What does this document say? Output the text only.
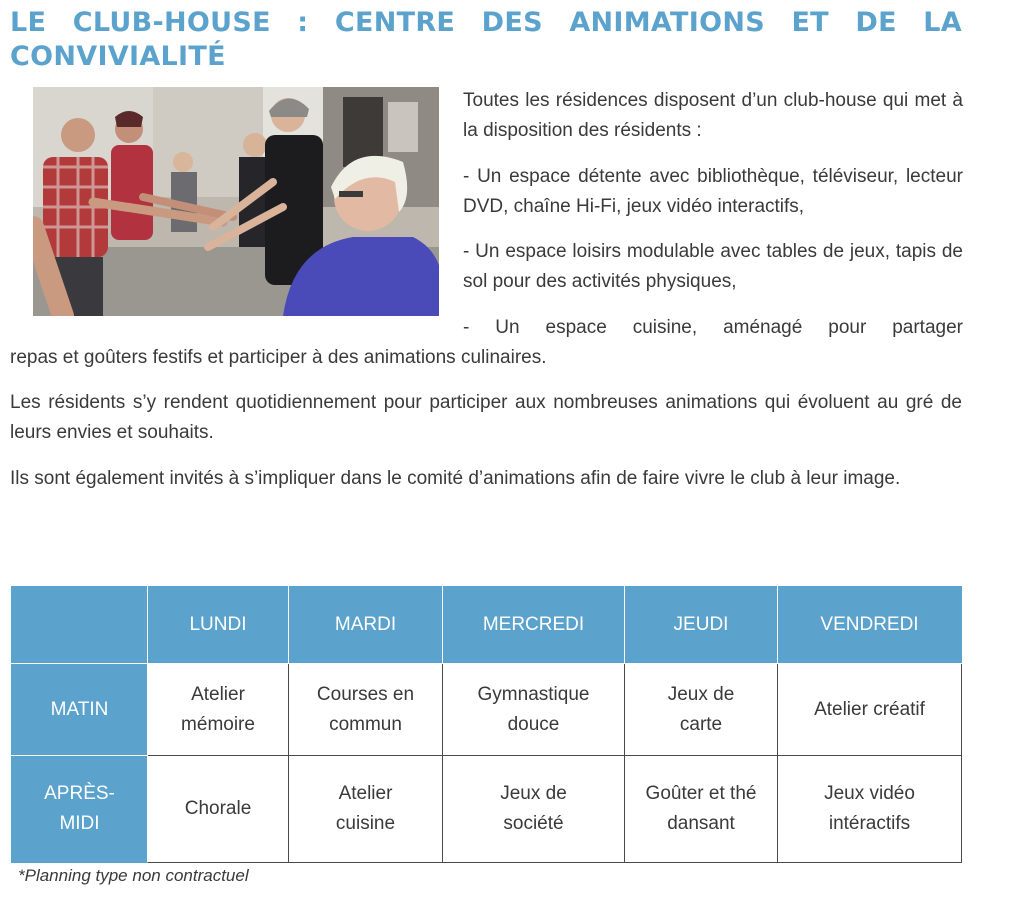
LE CLUB-HOUSE : CENTRE DES ANIMATIONS ET DE LA
CONVIVIALITÉ

Toutes les résidences disposent d’un club-house qui met à la disposition des résidents :

- Un espace détente avec bibliothèque, téléviseur, lecteur DVD, chaîne Hi-Fi, jeux vidéo interactifs,

- Un espace loisirs modulable avec tables de jeux, tapis de sol pour des activités physiques,

- Un espace cuisine, aménagé pour partager

repas et goûters festifs et participer à des animations culinaires.

Les résidents s’y rendent quotidiennement pour participer aux nombreuses animations qui évoluent au gré de leurs envies et souhaits.

Ils sont également invités à s’impliquer dans le comité d’animations afin de faire vivre le club à leur image.

	LUNDI	MARDI	MERCREDI	JEUDI	VENDREDI
MATIN	Atelier mémoire	Courses en commun	Gymnastique douce	Jeux de carte	Atelier créatif
APRÈS-MIDI	Chorale	Atelier cuisine	Jeux de société	Goûter et thé dansant	Jeux vidéo intéractifs
*Planning type non contractuel
